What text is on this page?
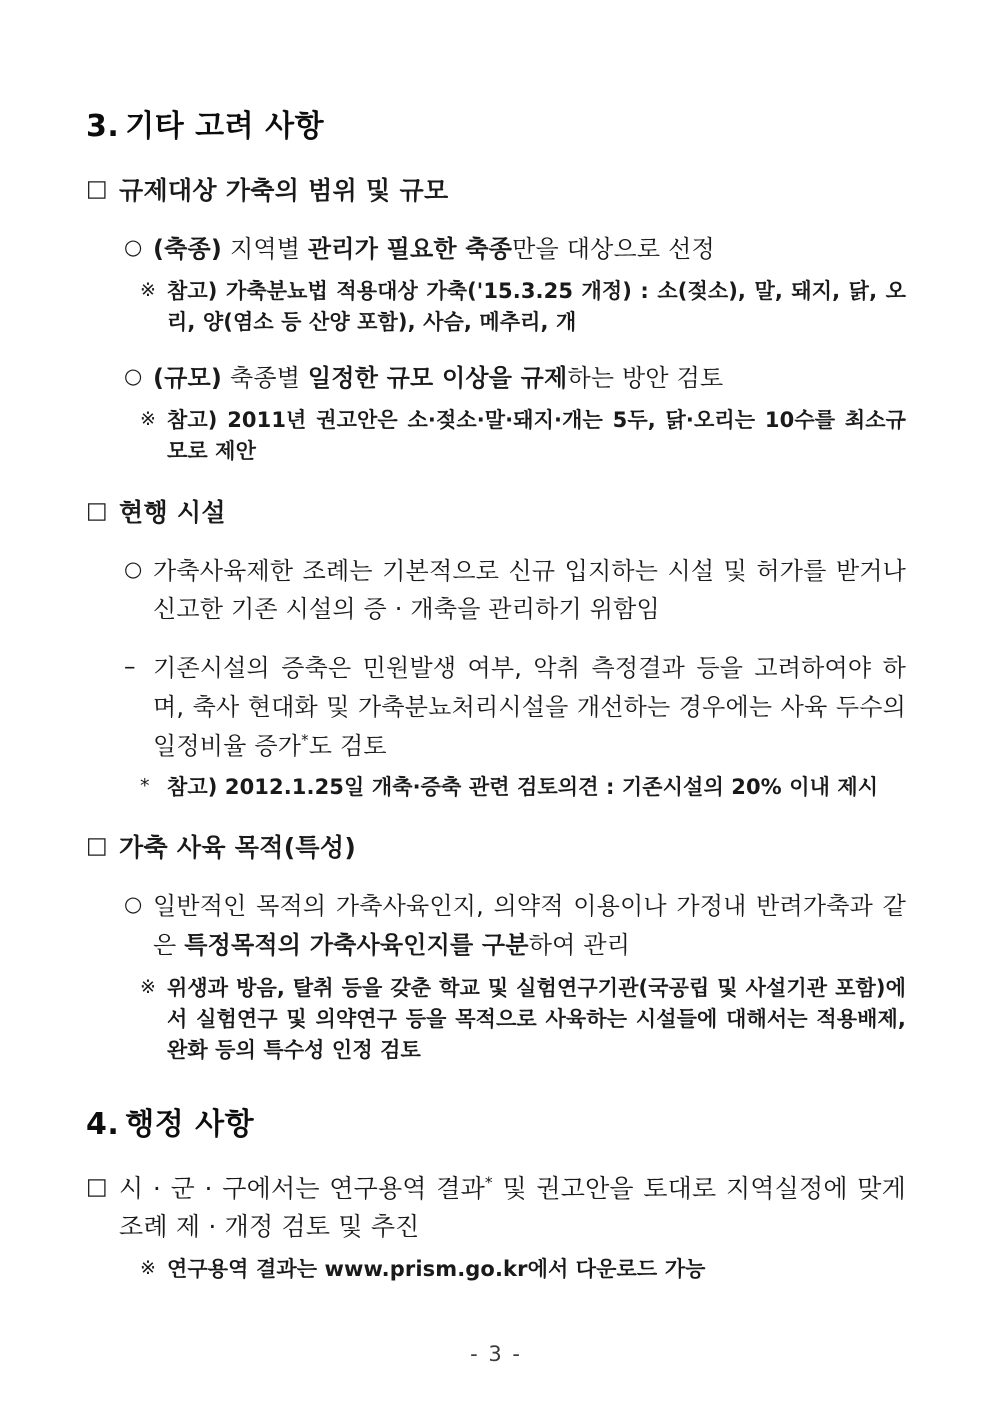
3. 기타 고려 사항
□ 규제대상 가축의 범위 및 규모
○ (축종) 지역별 관리가 필요한 축종만을 대상으로 선정
※ 참고) 가축분뇨법 적용대상 가축('15.3.25 개정) : 소(젖소), 말, 돼지, 닭, 오리, 양(염소 등 산양 포함), 사슴, 메추리, 개
○ (규모) 축종별 일정한 규모 이상을 규제하는 방안 검토
※ 참고) 2011년 권고안은 소·젖소·말·돼지·개는 5두, 닭·오리는 10수를 최소규모로 제안
□ 현행 시설
○ 가축사육제한 조례는 기본적으로 신규 입지하는 시설 및 허가를 받거나 신고한 기존 시설의 증 · 개축을 관리하기 위함임
– 기존시설의 증축은 민원발생 여부, 악취 측정결과 등을 고려하여야 하며, 축사 현대화 및 가축분뇨처리시설을 개선하는 경우에는 사육 두수의 일정비율 증가*도 검토
* 참고) 2012.1.25일 개축·증축 관련 검토의견 : 기존시설의 20% 이내 제시
□ 가축 사육 목적(특성)
○ 일반적인 목적의 가축사육인지, 의약적 이용이나 가정내 반려가축과 같은 특정목적의 가축사육인지를 구분하여 관리
※ 위생과 방음, 탈취 등을 갖춘 학교 및 실험연구기관(국공립 및 사설기관 포함)에서 실험연구 및 의약연구 등을 목적으로 사육하는 시설들에 대해서는 적용배제, 완화 등의 특수성 인정 검토
4. 행정 사항
□ 시 · 군 · 구에서는 연구용역 결과* 및 권고안을 토대로 지역실정에 맞게 조례 제 · 개정 검토 및 추진
※ 연구용역 결과는 www.prism.go.kr에서 다운로드 가능
- 3 -
